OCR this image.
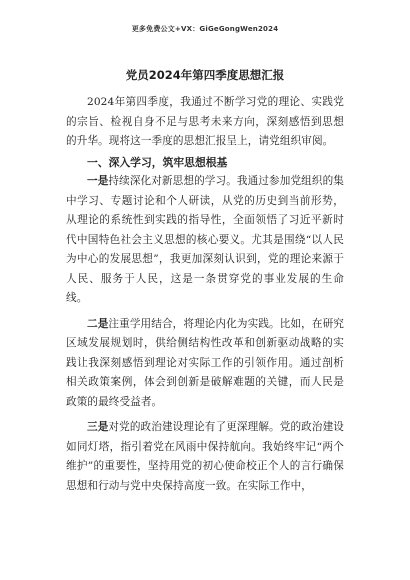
更多免费公文+VX：GiGeGongWen2024
党员2024年第四季度思想汇报

2024年第四季度，我通过不断学习党的理论、实践党的宗旨、检视自身不足与思考未来方向，深刻感悟到思想的升华。现将这一季度的思想汇报呈上，请党组织审阅。

一、深入学习，筑牢思想根基

一是持续深化对新思想的学习。我通过参加党组织的集中学习、专题讨论和个人研读，从党的历史到当前形势，从理论的系统性到实践的指导性，全面领悟了习近平新时代中国特色社会主义思想的核心要义。尤其是围绕“以人民为中心的发展思想”，我更加深刻认识到，党的理论来源于人民、服务于人民，这是一条贯穿党的事业发展的生命线。

二是注重学用结合，将理论内化为实践。比如，在研究区域发展规划时，供给侧结构性改革和创新驱动战略的实践让我深刻感悟到理论对实际工作的引领作用。通过剖析相关政策案例，体会到创新是破解难题的关键，而人民是政策的最终受益者。

三是对党的政治建设理论有了更深理解。党的政治建设如同灯塔，指引着党在风雨中保持航向。我始终牢记“两个维护”的重要性，坚持用党的初心使命校正个人的言行确保思想和行动与党中央保持高度一致。在实际工作中，
